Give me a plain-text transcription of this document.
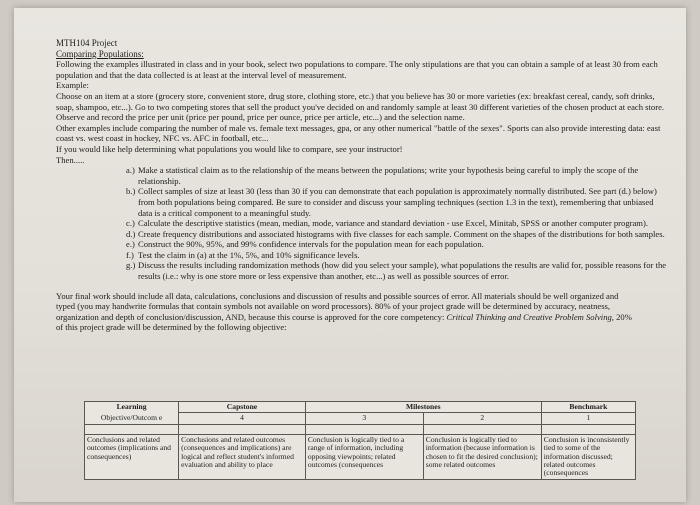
MTH104 Project

Comparing Populations:

Following the examples illustrated in class and in your book, select two populations to compare. The only stipulations are that you can obtain a sample of at least 30 from each population and that the data collected is at least at the interval level of measurement.

Example:

Choose on an item at a store (grocery store, convenient store, drug store, clothing store, etc.) that you believe has 30 or more varieties (ex: breakfast cereal, candy, soft drinks, soap, shampoo, etc...). Go to two competing stores that sell the product you've decided on and randomly sample at least 30 different varieties of the chosen product at each store. Observe and record the price per unit (price per pound, price per ounce, price per article, etc...) and the selection name.

Other examples include comparing the number of male vs. female text messages, gpa, or any other numerical "battle of the sexes". Sports can also provide interesting data: east coast vs. west coast in hockey, NFC vs. AFC in football, etc...

If you would like help determining what populations you would like to compare, see your instructor!

Then.....

a.) Make a statistical claim as to the relationship of the means between the populations; write your hypothesis being careful to imply the scope of the relationship.
b.) Collect samples of size at least 30 (less than 30 if you can demonstrate that each population is approximately normally distributed. See part (d.) below) from both populations being compared. Be sure to consider and discuss your sampling techniques (section 1.3 in the text), remembering that unbiased data is a critical component to a meaningful study.
c.) Calculate the descriptive statistics (mean, median, mode, variance and standard deviation - use Excel, Minitab, SPSS or another computer program).
d.) Create frequency distributions and associated histograms with five classes for each sample. Comment on the shapes of the distributions for both samples.
e.) Construct the 90%, 95%, and 99% confidence intervals for the population mean for each population.
f.) Test the claim in (a) at the 1%, 5%, and 10% significance levels.
g.) Discuss the results including randomization methods (how did you select your sample), what populations the results are valid for, possible reasons for the results (i.e.: why is one store more or less expensive than another, etc...) as well as possible sources of error.

Your final work should include all data, calculations, conclusions and discussion of results and possible sources of error. All materials should be well organized and typed (you may handwrite formulas that contain symbols not available on word processors). 80% of your project grade will be determined by accuracy, neatness, organization and depth of conclusion/discussion, AND, because this course is approved for the core competency: Critical Thinking and Creative Problem Solving, 20% of this project grade will be determined by the following objective:

Learning	Capstone	Milestones		Benchmark
Objective/Outcom e	4	3	2	1

Conclusions and related outcomes (implications and consequences)	Conclusions and related outcomes (consequences and implications) are logical and reflect student's informed evaluation and ability to place	Conclusion is logically tied to a range of information, including opposing viewpoints; related outcomes (consequences	Conclusion is logically tied to information (because information is chosen to fit the desired conclusion); some related outcomes	Conclusion is inconsistently tied to some of the information discussed; related outcomes (consequences
